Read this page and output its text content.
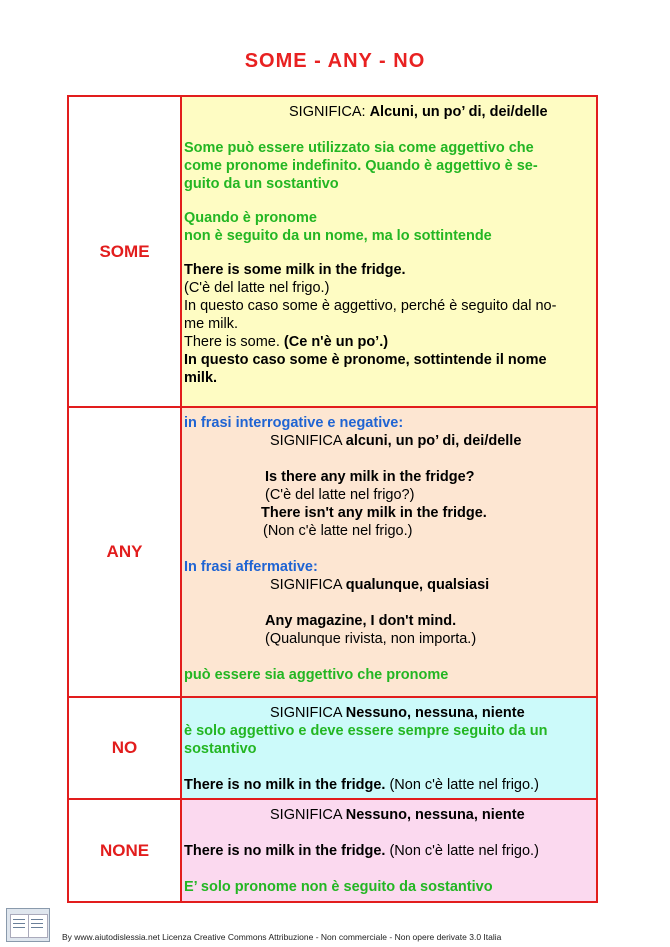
SOME - ANY - NO
SOME

SIGNIFICA: Alcuni, un po’ di, dei/delle

Some può essere utilizzato sia come aggettivo che

come pronome indefinito. Quando è aggettivo è se-

guito da un sostantivo

Quando è pronome

non è seguito da un nome, ma lo sottintende

There is some milk in the fridge.

(C'è del latte nel frigo.)

In questo caso some è aggettivo, perché è seguito dal no-

me milk.

There is some. (Ce n'è un po’.)

In questo caso some è pronome, sottintende il nome

milk.

ANY

in frasi interrogative e negative:

SIGNIFICA alcuni, un po’ di, dei/delle

Is there any milk in the fridge?

(C'è del latte nel frigo?)

There isn't any milk in the fridge.

(Non c'è latte nel frigo.)

In frasi affermative:

SIGNIFICA qualunque, qualsiasi

Any magazine, I don't mind.

(Qualunque rivista, non importa.)

può essere sia aggettivo che pronome

NO

SIGNIFICA Nessuno, nessuna, niente

è solo aggettivo e deve essere sempre seguito da un

sostantivo

There is no milk in the fridge. (Non c'è latte nel frigo.)

NONE

SIGNIFICA Nessuno, nessuna, niente

There is no milk in the fridge. (Non c'è latte nel frigo.)

E’ solo pronome non è seguito da sostantivo

By www.aiutodislessia.net Licenza Creative Commons Attribuzione - Non commerciale - Non opere derivate 3.0 Italia
